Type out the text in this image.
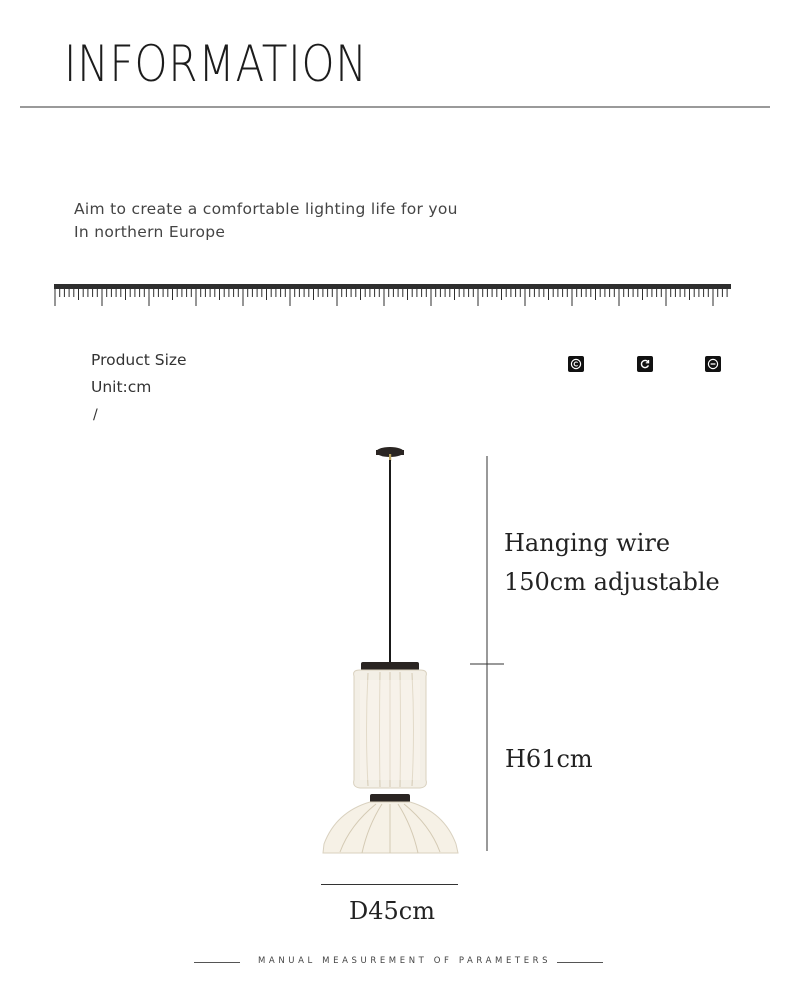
INFORMATION
Aim to create a comfortable lighting life for you
In northern Europe
Product Size
Unit:cm
/
Hanging wire
150cm adjustable
H61cm
D45cm
MANUAL MEASUREMENT OF PARAMETERS
